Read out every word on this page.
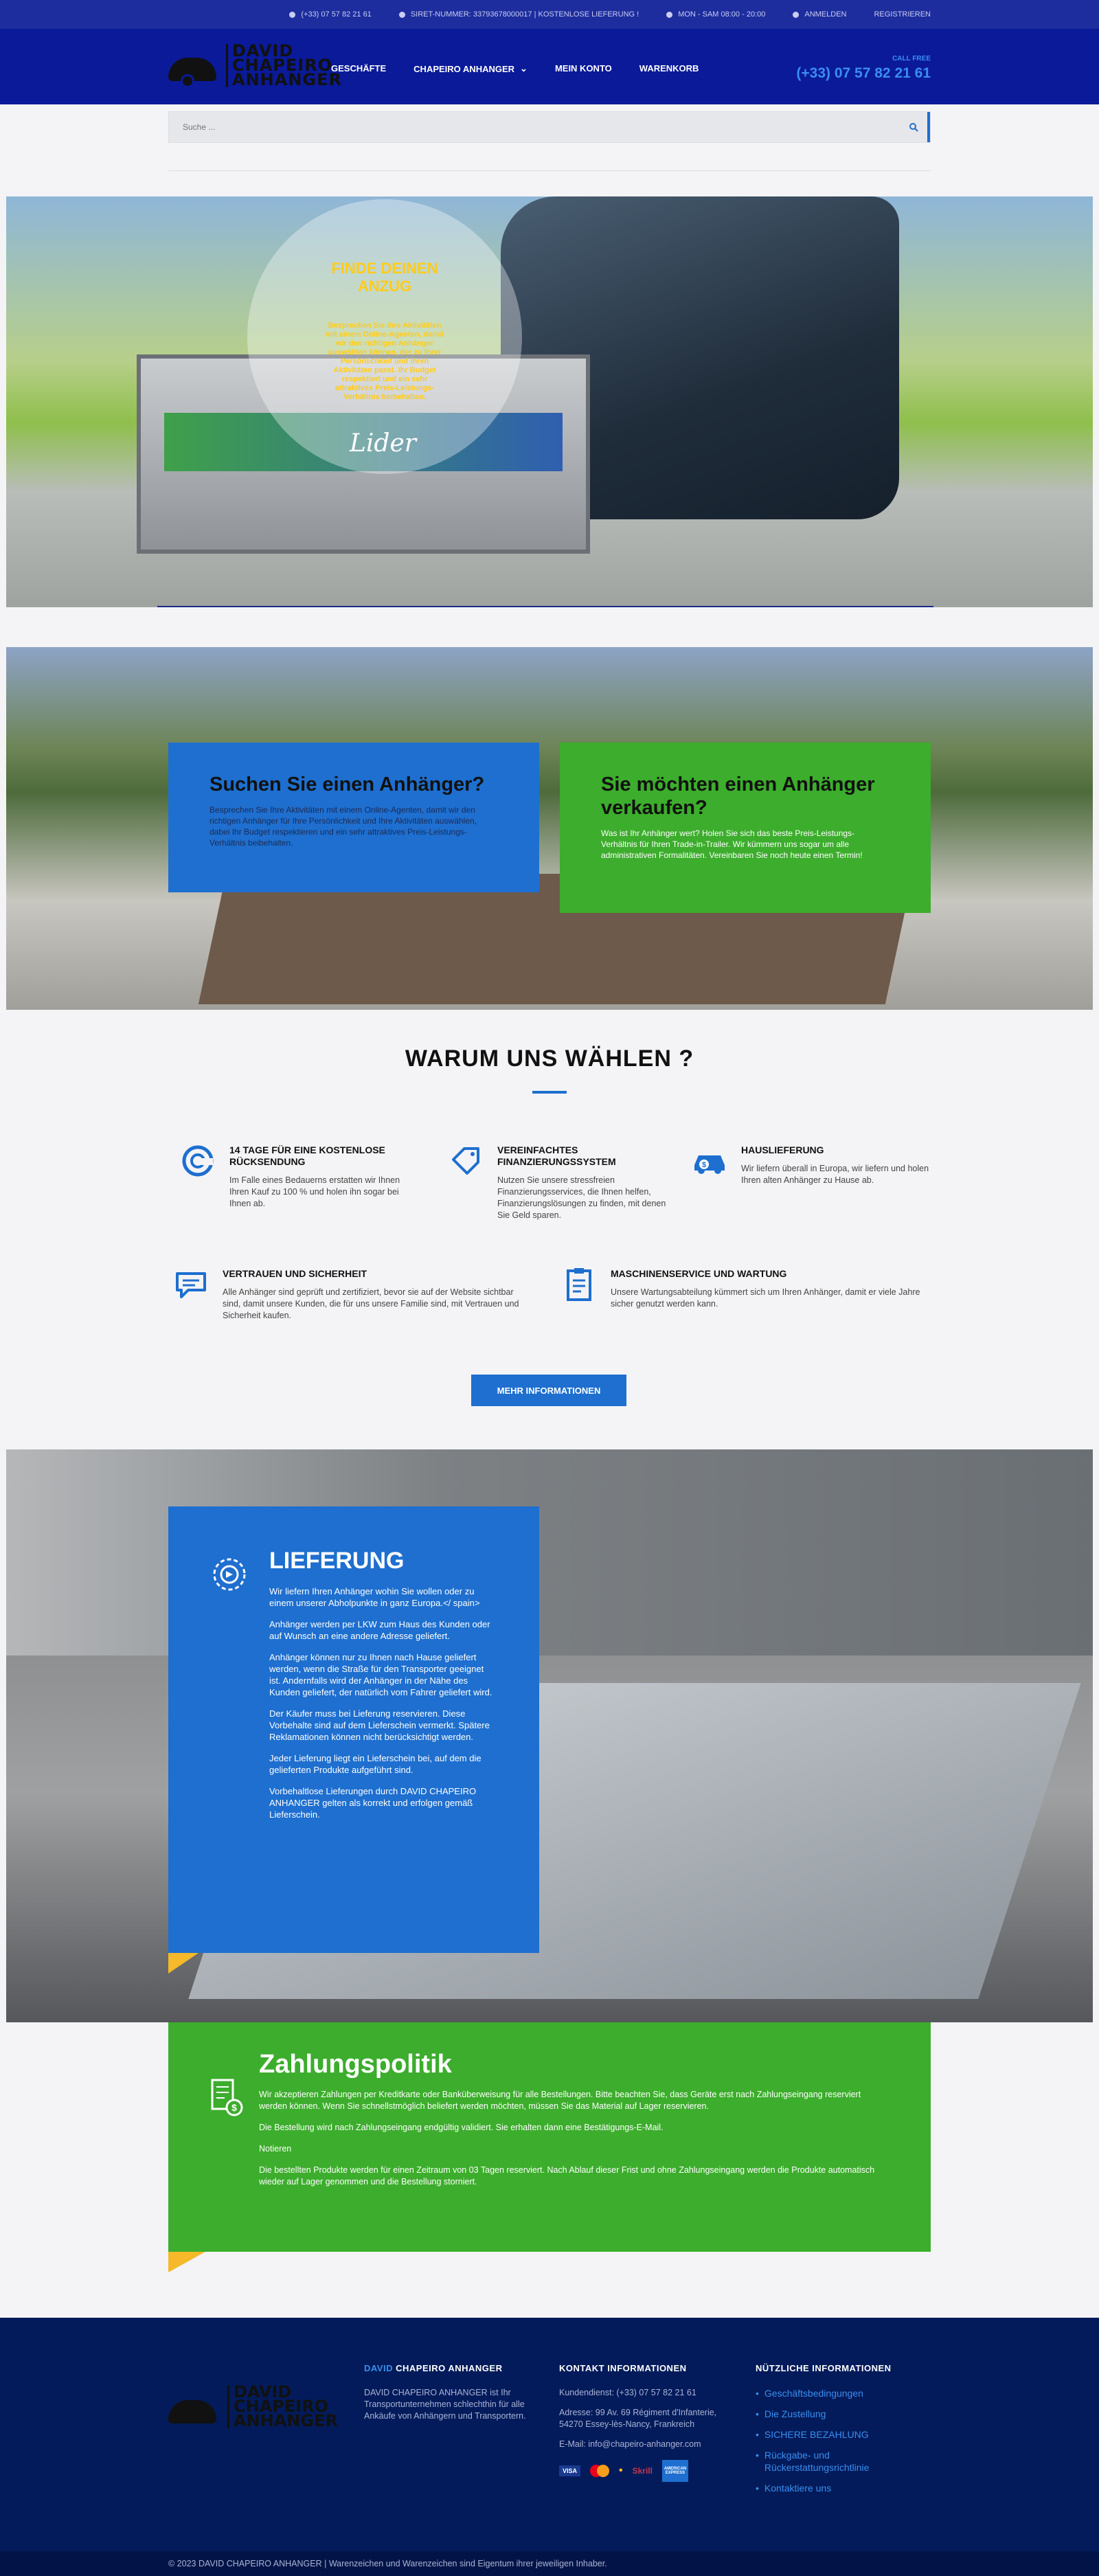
(+33) 07 57 82 21 61	SIRET-NUMMER: 33793678000017 | KOSTENLOSE LIEFERUNG !	MON - SAM 08:00 - 20:00	ANMELDEN	REGISTRIEREN
DAVID
CHAPEIRO
ANHANGER
GESCHÄFTE	CHAPEIRO ANHANGER ⌄	MEIN KONTO	WARENKORB
CALL FREE
(+33) 07 57 82 21 61
Suche ...
Lider
FINDE DEINEN ANZUG

Besprechen Sie Ihre Aktivitäten mit einem Online-Agenten, damit wir den richtigen Anhänger auswählen können, der zu Ihrer Persönlichkeit und Ihren Aktivitäten passt. Ihr Budget respektiert und ein sehr attraktives Preis-Leistungs-Verhältnis beibehalten.

Suchen Sie einen Anhänger?

Besprechen Sie Ihre Aktivitäten mit einem Online-Agenten, damit wir den richtigen Anhänger für Ihre Persönlichkeit und Ihre Aktivitäten auswählen, dabei Ihr Budget respektieren und ein sehr attraktives Preis-Leistungs-Verhältnis beibehalten.

Sie möchten einen Anhänger verkaufen?

Was ist Ihr Anhänger wert? Holen Sie sich das beste Preis-Leistungs-Verhältnis für Ihren Trade-in-Trailer. Wir kümmern uns sogar um alle administrativen Formalitäten. Vereinbaren Sie noch heute einen Termin!

WARUM UNS WÄHLEN ?
14 TAGE FÜR EINE KOSTENLOSE RÜCKSENDUNG

Im Falle eines Bedauerns erstatten wir Ihnen Ihren Kauf zu 100 % und holen ihn sogar bei Ihnen ab.

VEREINFACHTES FINANZIERUNGSSYSTEM

Nutzen Sie unsere stressfreien Finanzierungsservices, die Ihnen helfen, Finanzierungslösungen zu finden, mit denen Sie Geld sparen.

$
HAUSLIEFERUNG

Wir liefern überall in Europa, wir liefern und holen Ihren alten Anhänger zu Hause ab.

VERTRAUEN UND SICHERHEIT

Alle Anhänger sind geprüft und zertifiziert, bevor sie auf der Website sichtbar sind, damit unsere Kunden, die für uns unsere Familie sind, mit Vertrauen und Sicherheit kaufen.

MASCHINENSERVICE UND WARTUNG

Unsere Wartungsabteilung kümmert sich um Ihren Anhänger, damit er viele Jahre sicher genutzt werden kann.

MEHR INFORMATIONEN
LIEFERUNG

Wir liefern Ihren Anhänger wohin Sie wollen oder zu einem unserer Abholpunkte in ganz Europa.</ spain>

Anhänger werden per LKW zum Haus des Kunden oder auf Wunsch an eine andere Adresse geliefert.

Anhänger können nur zu Ihnen nach Hause geliefert werden, wenn die Straße für den Transporter geeignet ist. Andernfalls wird der Anhänger in der Nähe des Kunden geliefert, der natürlich vom Fahrer geliefert wird.

Der Käufer muss bei Lieferung reservieren. Diese Vorbehalte sind auf dem Lieferschein vermerkt. Spätere Reklamationen können nicht berücksichtigt werden.

Jeder Lieferung liegt ein Lieferschein bei, auf dem die gelieferten Produkte aufgeführt sind.

Vorbehaltlose Lieferungen durch DAVID CHAPEIRO ANHANGER gelten als korrekt und erfolgen gemäß Lieferschein.

$
Zahlungspolitik

Wir akzeptieren Zahlungen per Kreditkarte oder Banküberweisung für alle Bestellungen. Bitte beachten Sie, dass Geräte erst nach Zahlungseingang reserviert werden können. Wenn Sie schnellstmöglich beliefert werden möchten, müssen Sie das Material auf Lager reservieren.

Die Bestellung wird nach Zahlungseingang endgültig validiert. Sie erhalten dann eine Bestätigungs-E-Mail.

Notieren

Die bestellten Produkte werden für einen Zeitraum von 03 Tagen reserviert. Nach Ablauf dieser Frist und ohne Zahlungseingang werden die Produkte automatisch wieder auf Lager genommen und die Bestellung storniert.

DAVID
CHAPEIRO
ANHANGER
DAVID CHAPEIRO ANHANGER

DAVID CHAPEIRO ANHANGER ist Ihr Transportunternehmen schlechthin für alle Ankäufe von Anhängern und Transportern.

KONTAKT INFORMATIONEN

Kundendienst: (+33) 07 57 82 21 61

Adresse: 99 Av. 69 Régiment d'Infanterie, 54270 Essey-lès-Nancy, Frankreich

E-Mail: info@chapeiro-anhanger.com

VISA	• Skrill	AMERICAN EXPRESS
NÜTZLICHE INFORMATIONEN
• Geschäftsbedingungen
• Die Zustellung
• SICHERE BEZAHLUNG
• Rückgabe- und Rückerstattungsrichtlinie
• Kontaktiere uns
© 2023 DAVID CHAPEIRO ANHANGER | Warenzeichen und Warenzeichen sind Eigentum ihrer jeweiligen Inhaber.
